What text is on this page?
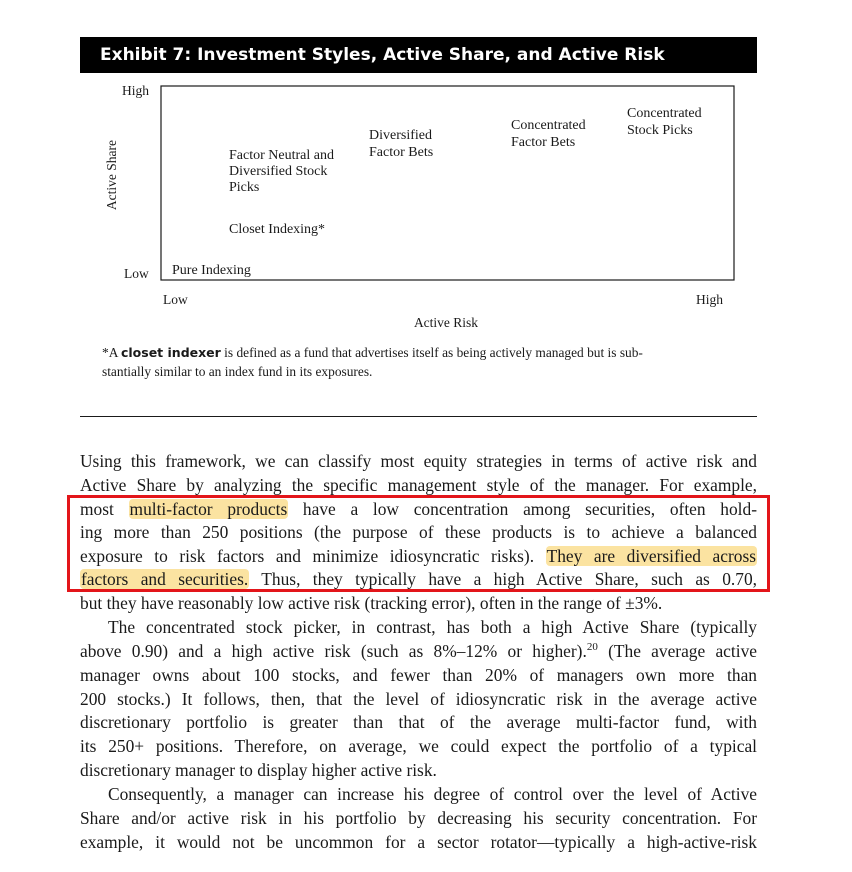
Exhibit 7: Investment Styles, Active Share, and Active Risk
Active Share
High
Low
Low	High
Active Risk
Pure Indexing
Closet Indexing*
Factor Neutral and
Diversified Stock
Picks
Diversified
Factor Bets
Concentrated
Factor Bets
Concentrated
Stock Picks
*A closet indexer is defined as a fund that advertises itself as being actively managed but is sub-
stantially similar to an index fund in its exposures.
Using this framework, we can classify most equity strategies in terms of active risk and
Active Share by analyzing the specific management style of the manager. For example,
most multi-factor products have a low concentration among securities, often hold-
ing more than 250 positions (the purpose of these products is to achieve a balanced
exposure to risk factors and minimize idiosyncratic risks). They are diversified across
factors and securities. Thus, they typically have a high Active Share, such as 0.70,
but they have reasonably low active risk (tracking error), often in the range of ±3%.
The concentrated stock picker, in contrast, has both a high Active Share (typically
above 0.90) and a high active risk (such as 8%–12% or higher).$^{20}$ (The average active
manager owns about 100 stocks, and fewer than 20% of managers own more than
200 stocks.) It follows, then, that the level of idiosyncratic risk in the average active
discretionary portfolio is greater than that of the average multi-factor fund, with
its 250+ positions. Therefore, on average, we could expect the portfolio of a typical
discretionary manager to display higher active risk.
Consequently, a manager can increase his degree of control over the level of Active
Share and/or active risk in his portfolio by decreasing his security concentration. For
example, it would not be uncommon for a sector rotator—typically a high-active-risk
